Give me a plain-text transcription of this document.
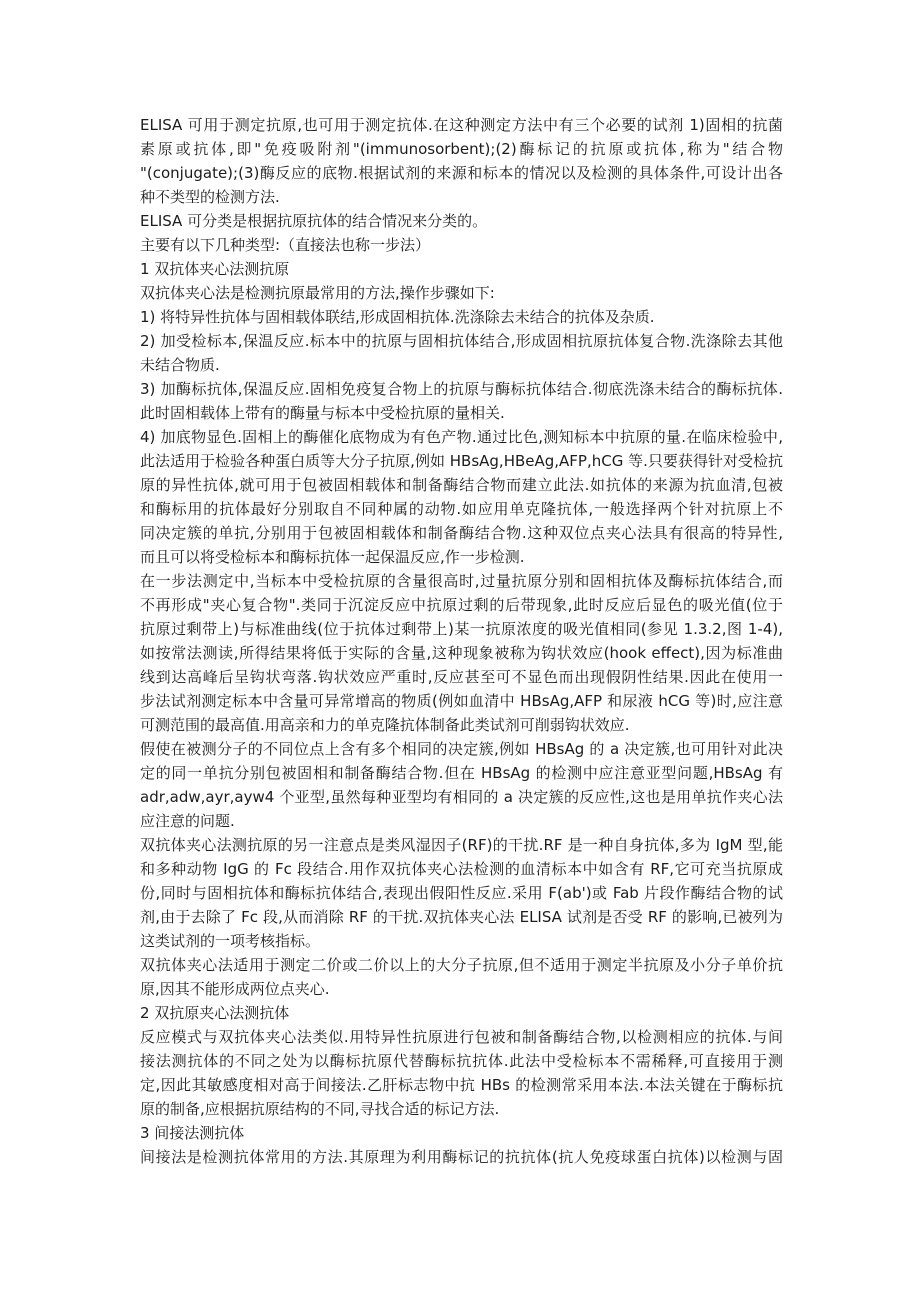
ELISA 可用于测定抗原,也可用于测定抗体.在这种测定方法中有三个必要的试剂 1)固相的抗菌
素原或抗体,即"免疫吸附剂"(immunosorbent);(2)酶标记的抗原或抗体,称为"结合物
"(conjugate);(3)酶反应的底物.根据试剂的来源和标本的情况以及检测的具体条件,可设计出各
种不类型的检测方法.
ELISA 可分类是根据抗原抗体的结合情况来分类的。
主要有以下几种类型:（直接法也称一步法）
1 双抗体夹心法测抗原
双抗体夹心法是检测抗原最常用的方法,操作步骤如下:
1) 将特异性抗体与固相载体联结,形成固相抗体.洗涤除去未结合的抗体及杂质.
2) 加受检标本,保温反应.标本中的抗原与固相抗体结合,形成固相抗原抗体复合物.洗涤除去其他
未结合物质.
3) 加酶标抗体,保温反应.固相免疫复合物上的抗原与酶标抗体结合.彻底洗涤未结合的酶标抗体.
此时固相载体上带有的酶量与标本中受检抗原的量相关.
4) 加底物显色.固相上的酶催化底物成为有色产物.通过比色,测知标本中抗原的量.在临床检验中,
此法适用于检验各种蛋白质等大分子抗原,例如 HBsAg,HBeAg,AFP,hCG 等.只要获得针对受检抗
原的异性抗体,就可用于包被固相载体和制备酶结合物而建立此法.如抗体的来源为抗血清,包被
和酶标用的抗体最好分别取自不同种属的动物.如应用单克隆抗体,一般选择两个针对抗原上不
同决定簇的单抗,分别用于包被固相载体和制备酶结合物.这种双位点夹心法具有很高的特异性,
而且可以将受检标本和酶标抗体一起保温反应,作一步检测.
在一步法测定中,当标本中受检抗原的含量很高时,过量抗原分别和固相抗体及酶标抗体结合,而
不再形成"夹心复合物".类同于沉淀反应中抗原过剩的后带现象,此时反应后显色的吸光值(位于
抗原过剩带上)与标准曲线(位于抗体过剩带上)某一抗原浓度的吸光值相同(参见 1.3.2,图 1-4),
如按常法测读,所得结果将低于实际的含量,这种现象被称为钩状效应(hook effect),因为标准曲
线到达高峰后呈钩状弯落.钩状效应严重时,反应甚至可不显色而出现假阴性结果.因此在使用一
步法试剂测定标本中含量可异常增高的物质(例如血清中 HBsAg,AFP 和尿液 hCG 等)时,应注意
可测范围的最高值.用高亲和力的单克隆抗体制备此类试剂可削弱钩状效应.
假使在被测分子的不同位点上含有多个相同的决定簇,例如 HBsAg 的 a 决定簇,也可用针对此决
定的同一单抗分别包被固相和制备酶结合物.但在 HBsAg 的检测中应注意亚型问题,HBsAg 有
adr,adw,ayr,ayw4 个亚型,虽然每种亚型均有相同的 a 决定簇的反应性,这也是用单抗作夹心法
应注意的问题.
双抗体夹心法测抗原的另一注意点是类风湿因子(RF)的干扰.RF 是一种自身抗体,多为 IgM 型,能
和多种动物 IgG 的 Fc 段结合.用作双抗体夹心法检测的血清标本中如含有 RF,它可充当抗原成
份,同时与固相抗体和酶标抗体结合,表现出假阳性反应.采用 F(ab')或 Fab 片段作酶结合物的试
剂,由于去除了 Fc 段,从而消除 RF 的干扰.双抗体夹心法 ELISA 试剂是否受 RF 的影响,已被列为
这类试剂的一项考核指标。
双抗体夹心法适用于测定二价或二价以上的大分子抗原,但不适用于测定半抗原及小分子单价抗
原,因其不能形成两位点夹心.
2 双抗原夹心法测抗体
反应模式与双抗体夹心法类似.用特异性抗原进行包被和制备酶结合物,以检测相应的抗体.与间
接法测抗体的不同之处为以酶标抗原代替酶标抗抗体.此法中受检标本不需稀释,可直接用于测
定,因此其敏感度相对高于间接法.乙肝标志物中抗 HBs 的检测常采用本法.本法关键在于酶标抗
原的制备,应根据抗原结构的不同,寻找合适的标记方法.
3 间接法测抗体
间接法是检测抗体常用的方法.其原理为利用酶标记的抗抗体(抗人免疫球蛋白抗体)以检测与固
